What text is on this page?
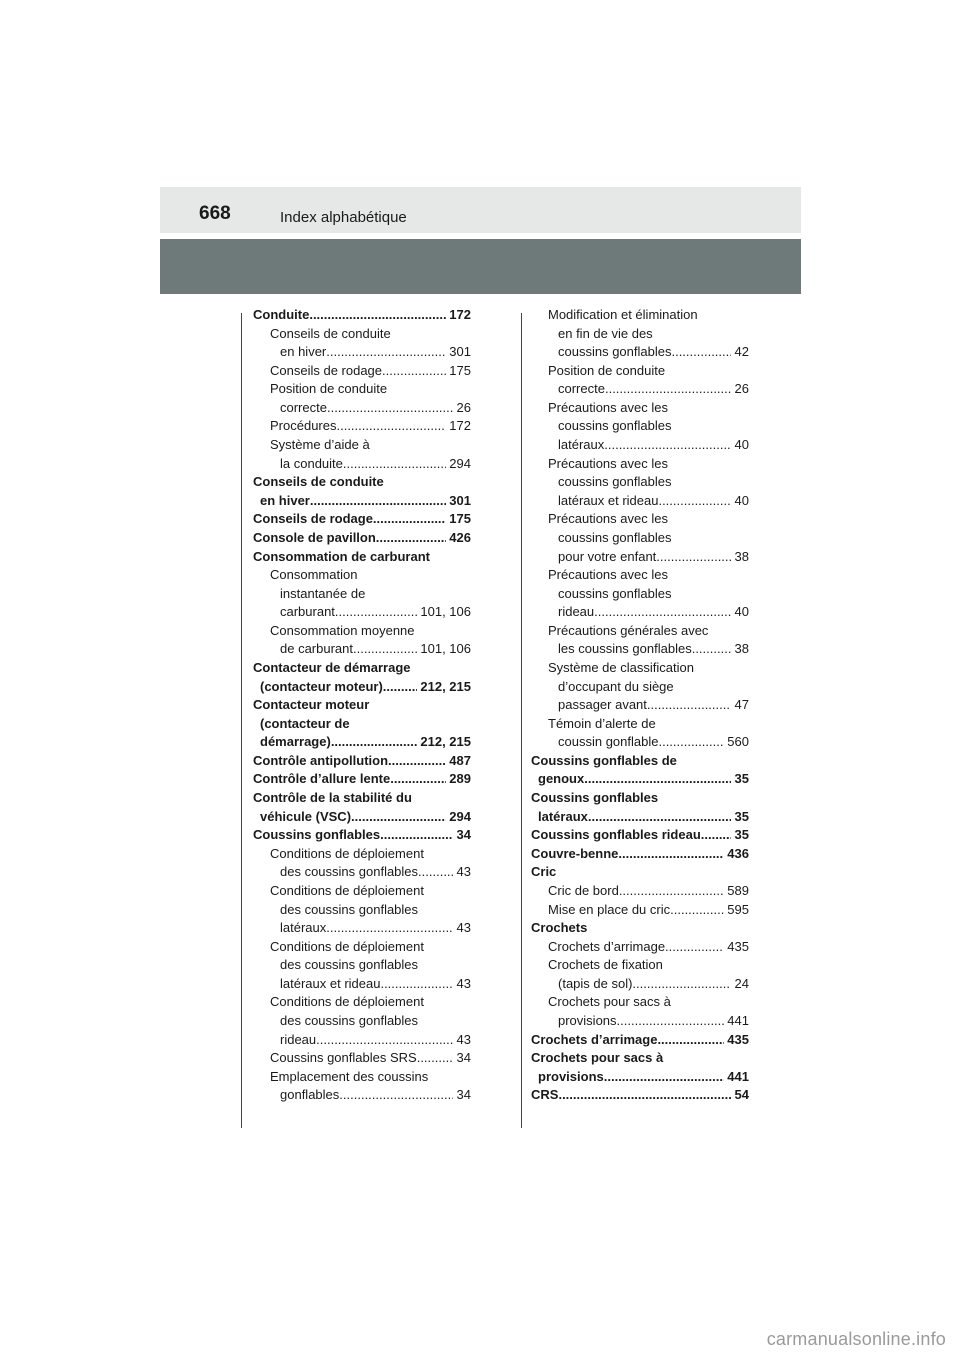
668	Index alphabétique
Conduite .....	172
Conseils de conduite
en hiver .....	301
Conseils de rodage .....	175
Position de conduite
correcte .....	26
Procédures .....	172
Système d’aide à
la conduite .....	294
Conseils de conduite
en hiver .....	301
Conseils de rodage .....	175
Console de pavillon .....	426
Consommation de carburant
Consommation
instantanée de
carburant .....	101, 106
Consommation moyenne
de carburant .....	101, 106
Contacteur de démarrage
(contacteur moteur) .....	212, 215
Contacteur moteur
(contacteur de
démarrage) .....	212, 215
Contrôle antipollution .....	487
Contrôle d’allure lente .....	289
Contrôle de la stabilité du
véhicule (VSC) .....	294
Coussins gonflables .....	34
Conditions de déploiement
des coussins gonflables .....	43
Conditions de déploiement
des coussins gonflables
latéraux .....	43
Conditions de déploiement
des coussins gonflables
latéraux et rideau .....	43
Conditions de déploiement
des coussins gonflables
rideau .....	43
Coussins gonflables SRS .....	34
Emplacement des coussins
gonflables .....	34
Modification et élimination
en fin de vie des
coussins gonflables .....	42
Position de conduite
correcte .....	26
Précautions avec les
coussins gonflables
latéraux .....	40
Précautions avec les
coussins gonflables
latéraux et rideau .....	40
Précautions avec les
coussins gonflables
pour votre enfant .....	38
Précautions avec les
coussins gonflables
rideau .....	40
Précautions générales avec
les coussins gonflables .....	38
Système de classification
d’occupant du siège
passager avant .....	47
Témoin d’alerte de
coussin gonflable .....	560
Coussins gonflables de
genoux .....	35
Coussins gonflables
latéraux .....	35
Coussins gonflables rideau ..... 35
Couvre-benne .....	436
Cric
Cric de bord .....	589
Mise en place du cric .....	595
Crochets
Crochets d’arrimage .....	435
Crochets de fixation
(tapis de sol) .....	24
Crochets pour sacs à
provisions .....	441
Crochets d’arrimage .....	435
Crochets pour sacs à
provisions .....	441
CRS .....	54
carmanualsonline.info
